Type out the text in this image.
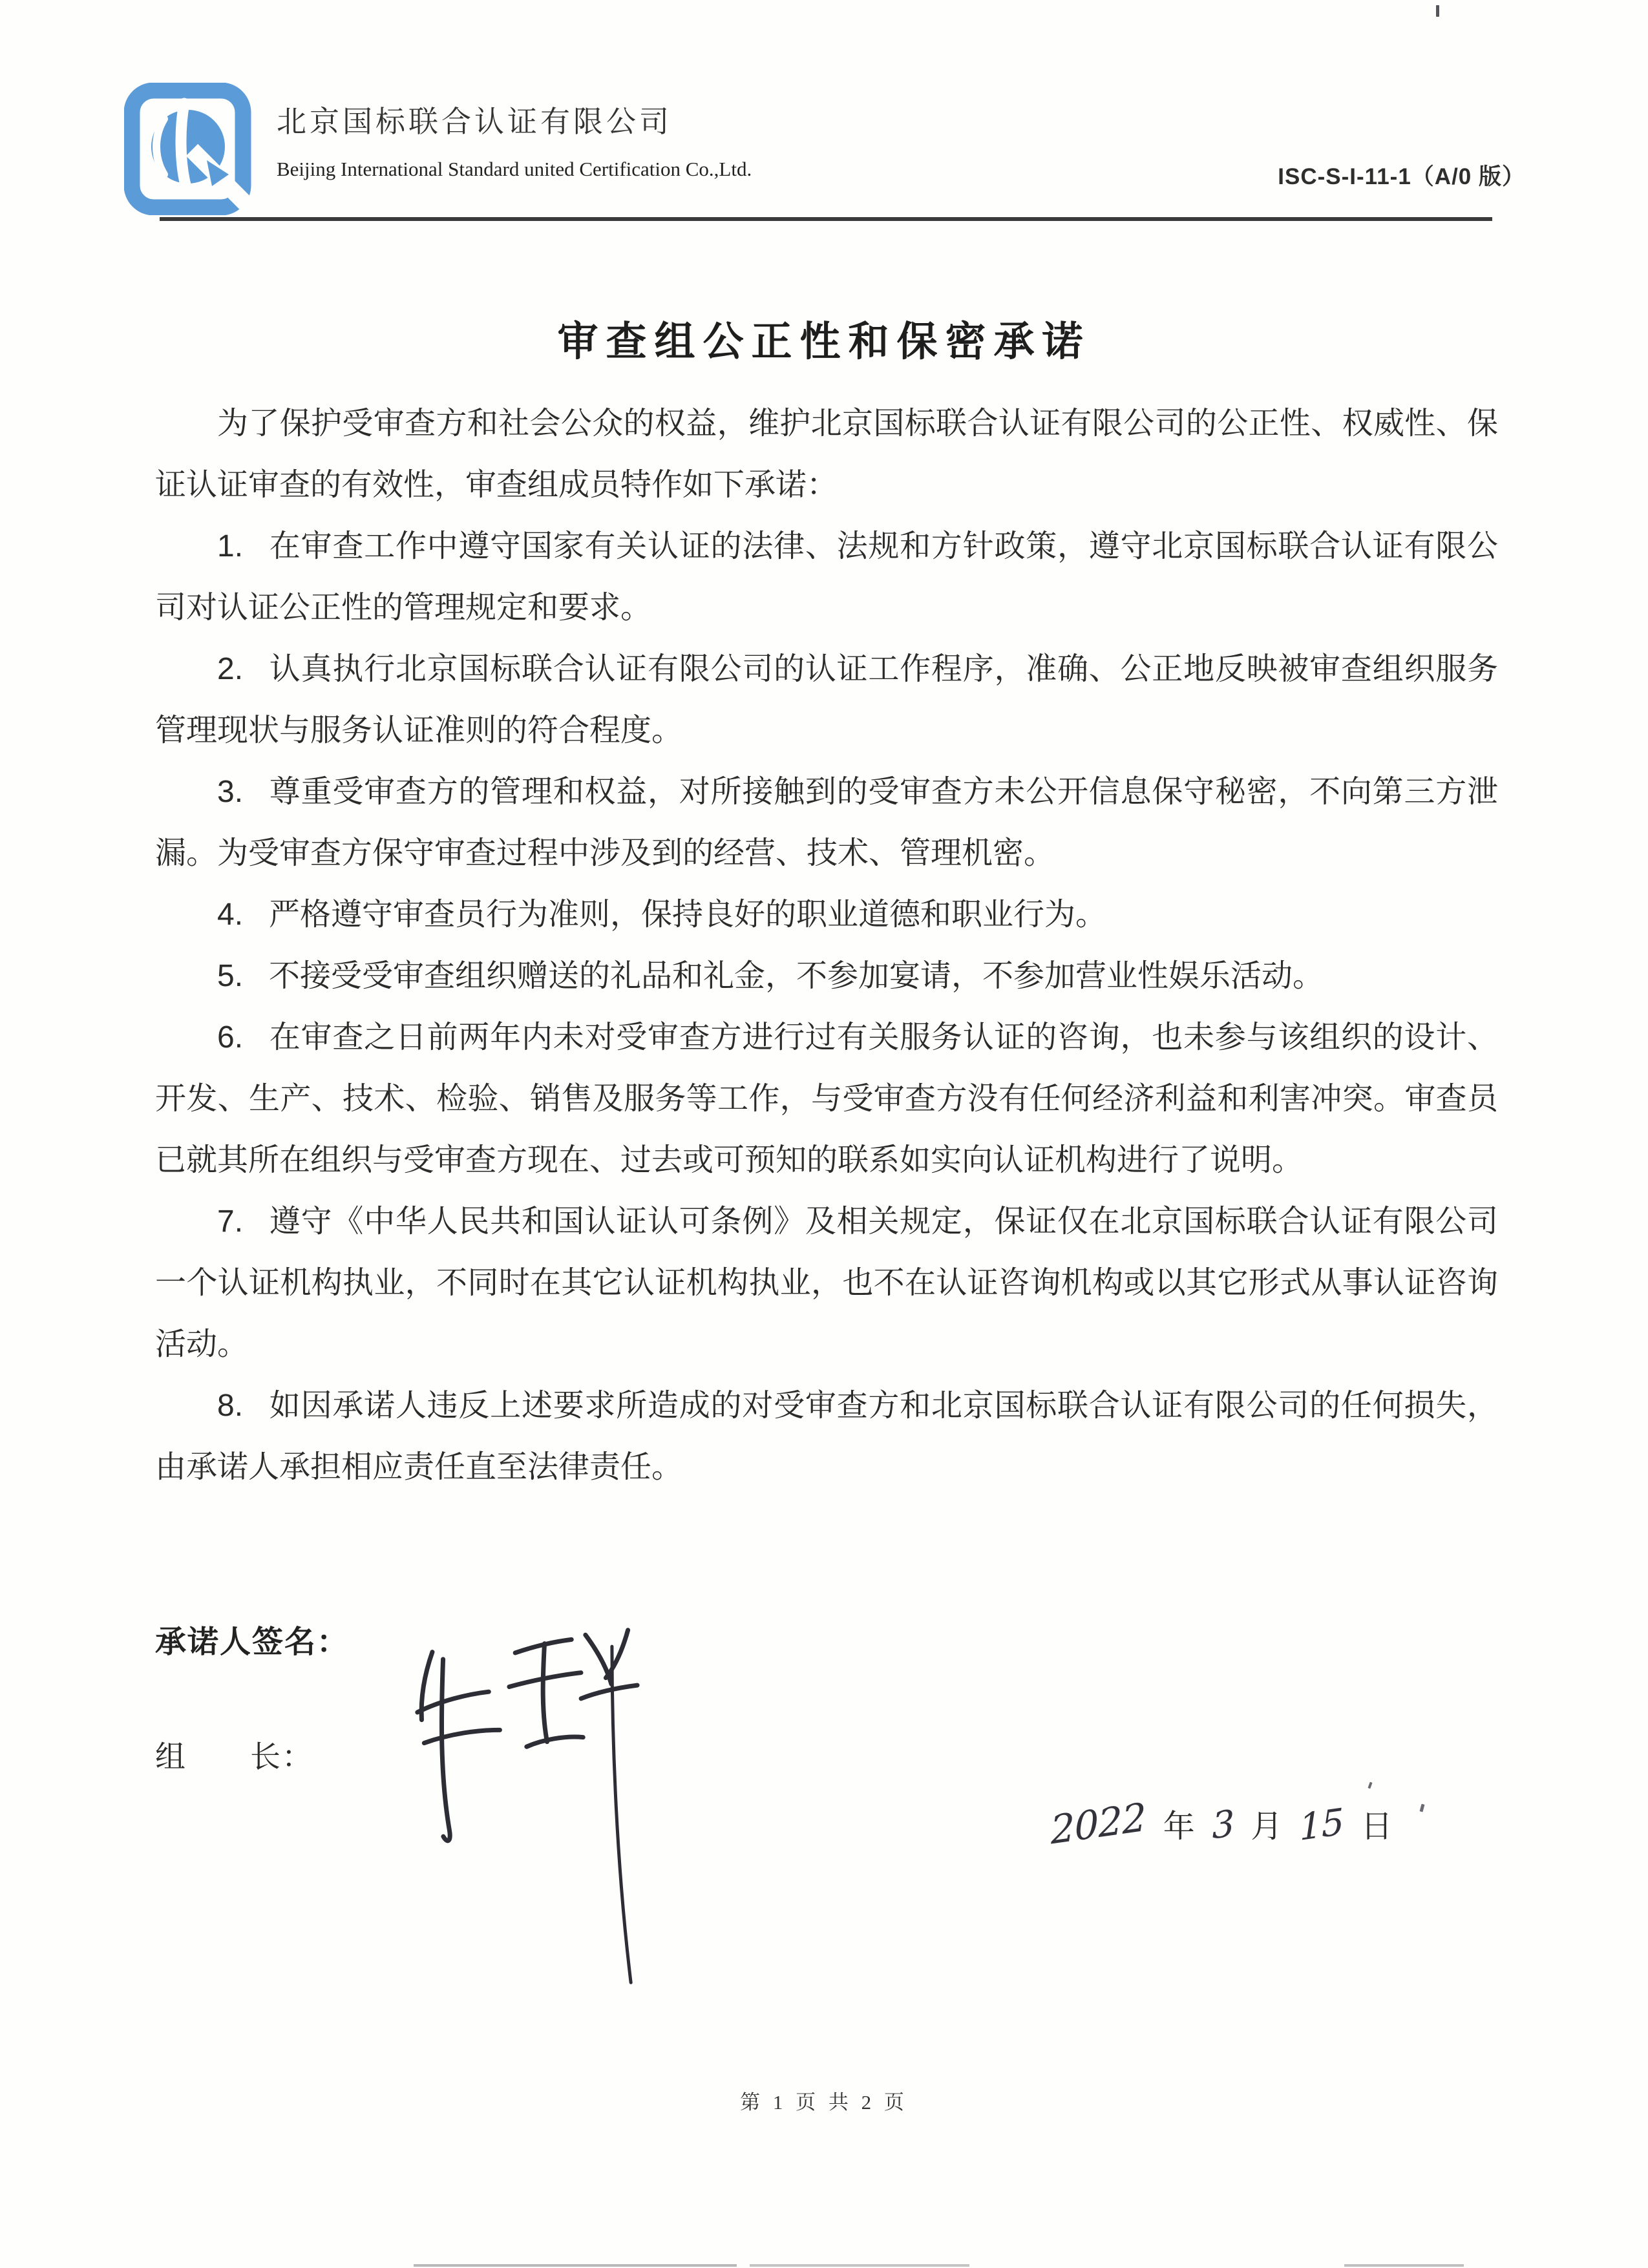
北京国标联合认证有限公司
Beijing International Standard united Certification Co.,Ltd.	ISC-S-I-11-1（A/0 版）
审查组公正性和保密承诺

为了保护受审查方和社会公众的权益，维护北京国标联合认证有限公司的公正性、权威性、保证认证审查的有效性，审查组成员特作如下承诺：

1. 在审查工作中遵守国家有关认证的法律、法规和方针政策，遵守北京国标联合认证有限公司对认证公正性的管理规定和要求。

2. 认真执行北京国标联合认证有限公司的认证工作程序，准确、公正地反映被审查组织服务管理现状与服务认证准则的符合程度。

3. 尊重受审查方的管理和权益，对所接触到的受审查方未公开信息保守秘密，不向第三方泄漏。为受审查方保守审查过程中涉及到的经营、技术、管理机密。

4. 严格遵守审查员行为准则，保持良好的职业道德和职业行为。

5. 不接受受审查组织赠送的礼品和礼金，不参加宴请，不参加营业性娱乐活动。

6. 在审查之日前两年内未对受审查方进行过有关服务认证的咨询，也未参与该组织的设计、开发、生产、技术、检验、销售及服务等工作，与受审查方没有任何经济利益和利害冲突。审查员已就其所在组织与受审查方现在、过去或可预知的联系如实向认证机构进行了说明。

7. 遵守《中华人民共和国认证认可条例》及相关规定，保证仅在北京国标联合认证有限公司一个认证机构执业，不同时在其它认证机构执业，也不在认证咨询机构或以其它形式从事认证咨询活动。

8. 如因承诺人违反上述要求所造成的对受审查方和北京国标联合认证有限公司的任何损失，由承诺人承担相应责任直至法律责任。

承诺人签名：
组　　长：
2022 年 3 月 15 日
第 1 页 共 2 页
